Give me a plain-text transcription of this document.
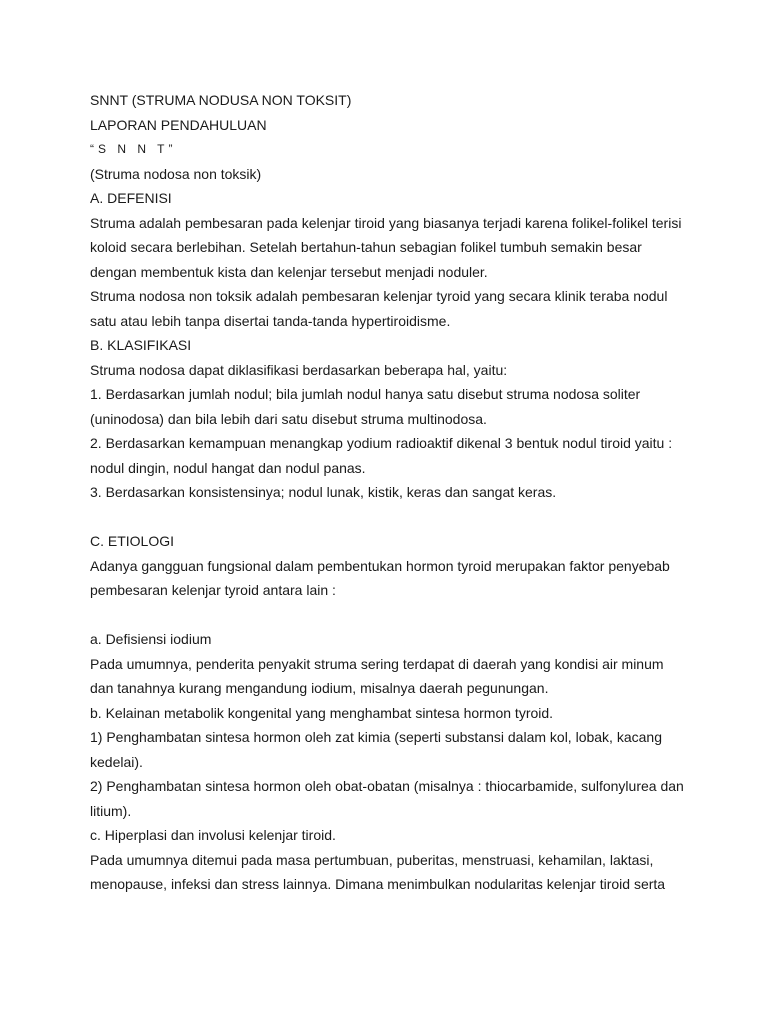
SNNT (STRUMA NODUSA NON TOKSIT)

LAPORAN PENDAHULUAN

“S N N T”

(Struma nodosa non toksik)

A. DEFENISI

Struma adalah pembesaran pada kelenjar tiroid yang biasanya terjadi karena folikel-folikel terisi

koloid secara berlebihan. Setelah bertahun-tahun sebagian folikel tumbuh semakin besar

dengan membentuk kista dan kelenjar tersebut menjadi noduler.

Struma nodosa non toksik adalah pembesaran kelenjar tyroid yang secara klinik teraba nodul

satu atau lebih tanpa disertai tanda-tanda hypertiroidisme.

B. KLASIFIKASI

Struma nodosa dapat diklasifikasi berdasarkan beberapa hal, yaitu:

1. Berdasarkan jumlah nodul; bila jumlah nodul hanya satu disebut struma nodosa soliter

(uninodosa) dan bila lebih dari satu disebut struma multinodosa.

2. Berdasarkan kemampuan menangkap yodium radioaktif dikenal 3 bentuk nodul tiroid yaitu :

nodul dingin, nodul hangat dan nodul panas.

3. Berdasarkan konsistensinya; nodul lunak, kistik, keras dan sangat keras.

C. ETIOLOGI

Adanya gangguan fungsional dalam pembentukan hormon tyroid merupakan faktor penyebab

pembesaran kelenjar tyroid antara lain :

a. Defisiensi iodium

Pada umumnya, penderita penyakit struma sering terdapat di daerah yang kondisi air minum

dan tanahnya kurang mengandung iodium, misalnya daerah pegunungan.

b. Kelainan metabolik kongenital yang menghambat sintesa hormon tyroid.

1) Penghambatan sintesa hormon oleh zat kimia (seperti substansi dalam kol, lobak, kacang

kedelai).

2) Penghambatan sintesa hormon oleh obat-obatan (misalnya : thiocarbamide, sulfonylurea dan

litium).

c. Hiperplasi dan involusi kelenjar tiroid.

Pada umumnya ditemui pada masa pertumbuan, puberitas, menstruasi, kehamilan, laktasi,

menopause, infeksi dan stress lainnya. Dimana menimbulkan nodularitas kelenjar tiroid serta
